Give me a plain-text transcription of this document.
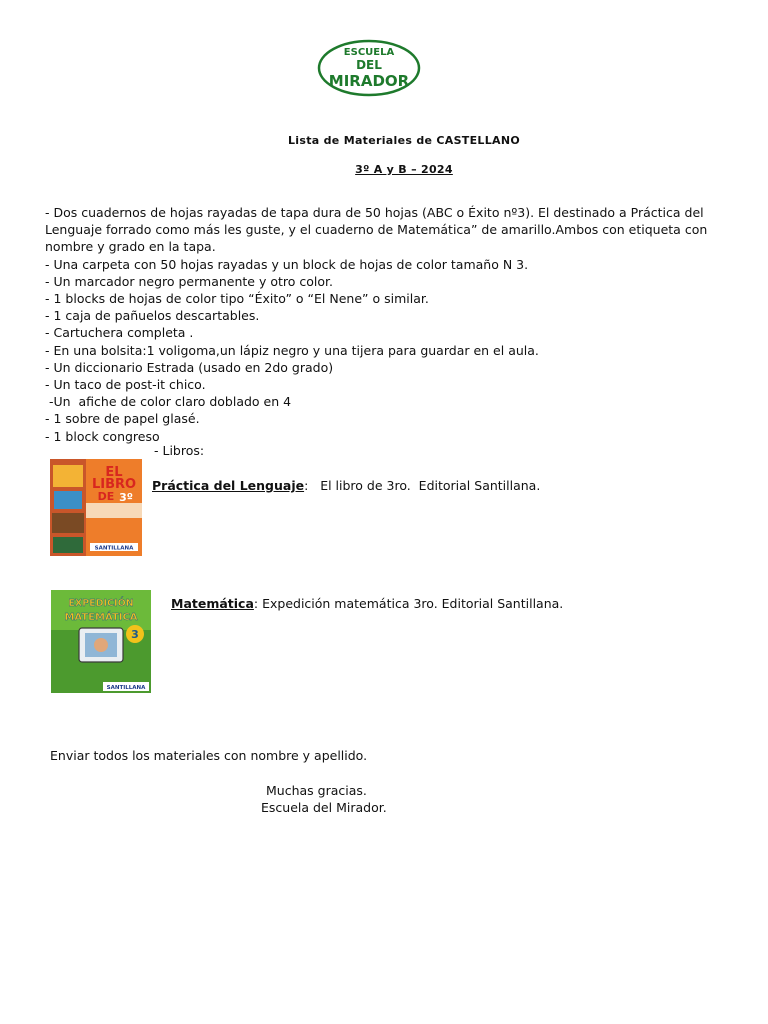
ESCUELA
DEL
MIRADOR
Lista de Materiales de CASTELLANO
3º A y B – 2024
- Dos cuadernos de hojas rayadas de tapa dura de 50 hojas (ABC o Éxito nº3). El destinado a Práctica del Lenguaje forrado como más les guste, y el cuaderno de Matemática” de amarillo.Ambos con etiqueta con nombre y grado en la tapa.
- Una carpeta con 50 hojas rayadas y un block de hojas de color tamaño N 3.
- Un marcador negro permanente y otro color.
- 1 blocks de hojas de color tipo “Éxito” o “El Nene” o similar.
- 1 caja de pañuelos descartables.
- Cartuchera completa .
- En una bolsita:1 voligoma,un lápiz negro y una tijera para guardar en el aula.
- Un diccionario Estrada (usado en 2do grado)
- Un taco de post-it chico.
-Un  afiche de color claro doblado en 4
- 1 sobre de papel glasé.
- 1 block congreso
- Libros:
EL
LIBRO
DE 3º
SANTILLANA
Práctica del Lenguaje:   El libro de 3ro.  Editorial Santillana.
EXPEDICIÓN
MATEMÁTICA
3
SANTILLANA
Matemática: Expedición matemática 3ro. Editorial Santillana.
Enviar todos los materiales con nombre y apellido.
Muchas gracias.
Escuela del Mirador.
